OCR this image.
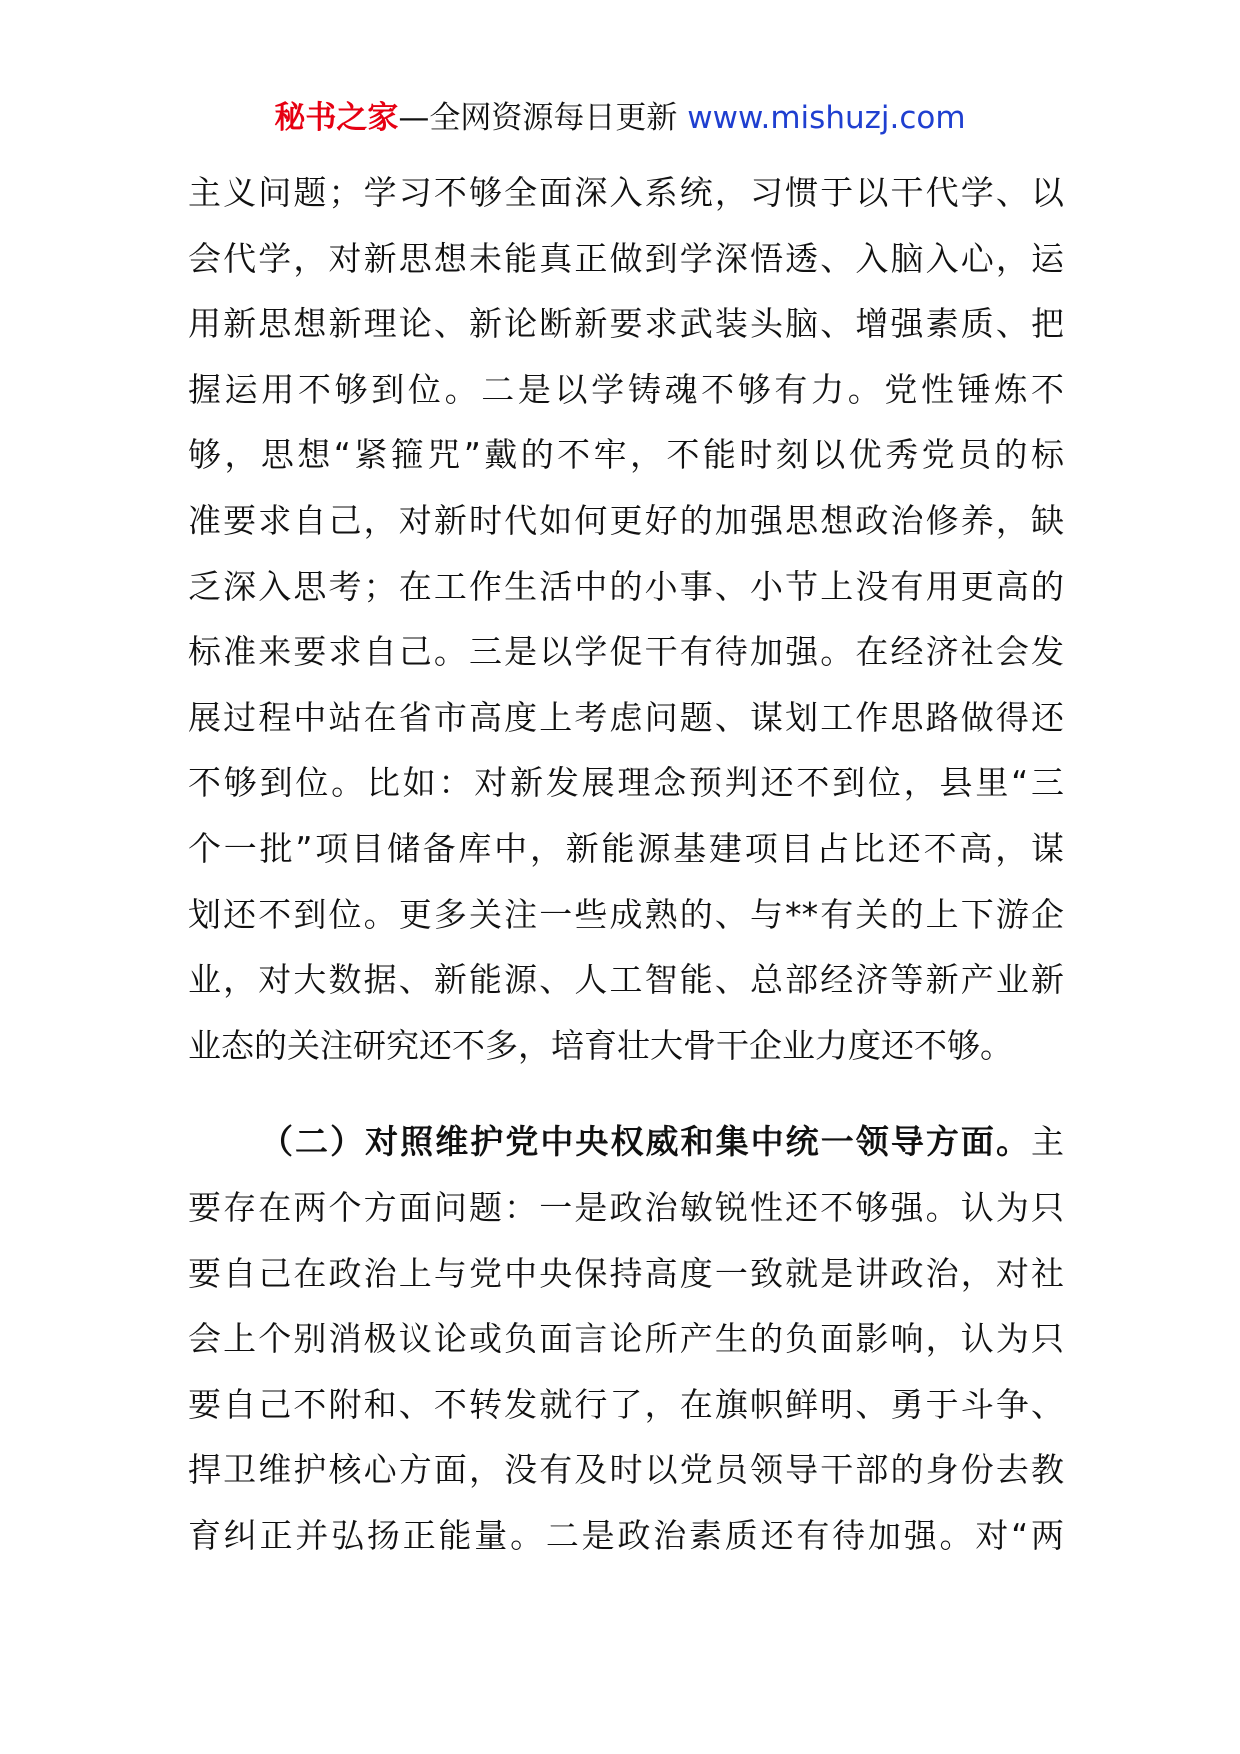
秘书之家—全网资源每日更新 www.mishuzj.com
主义问题；学习不够全面深入系统，习惯于以干代学、以
会代学，对新思想未能真正做到学深悟透、入脑入心，运
用新思想新理论、新论断新要求武装头脑、增强素质、把
握运用不够到位。二是以学铸魂不够有力。党性锤炼不
够，思想“紧箍咒”戴的不牢，不能时刻以优秀党员的标
准要求自己，对新时代如何更好的加强思想政治修养，缺
乏深入思考；在工作生活中的小事、小节上没有用更高的
标准来要求自己。三是以学促干有待加强。在经济社会发
展过程中站在省市高度上考虑问题、谋划工作思路做得还
不够到位。比如：对新发展理念预判还不到位，县里“三
个一批”项目储备库中，新能源基建项目占比还不高，谋
划还不到位。更多关注一些成熟的、与**有关的上下游企
业，对大数据、新能源、人工智能、总部经济等新产业新
业态的关注研究还不多，培育壮大骨干企业力度还不够。
（二）对照维护党中央权威和集中统一领导方面。主
要存在两个方面问题：一是政治敏锐性还不够强。认为只
要自己在政治上与党中央保持高度一致就是讲政治，对社
会上个别消极议论或负面言论所产生的负面影响，认为只
要自己不附和、不转发就行了，在旗帜鲜明、勇于斗争、
捍卫维护核心方面，没有及时以党员领导干部的身份去教
育纠正并弘扬正能量。二是政治素质还有待加强。对“两
